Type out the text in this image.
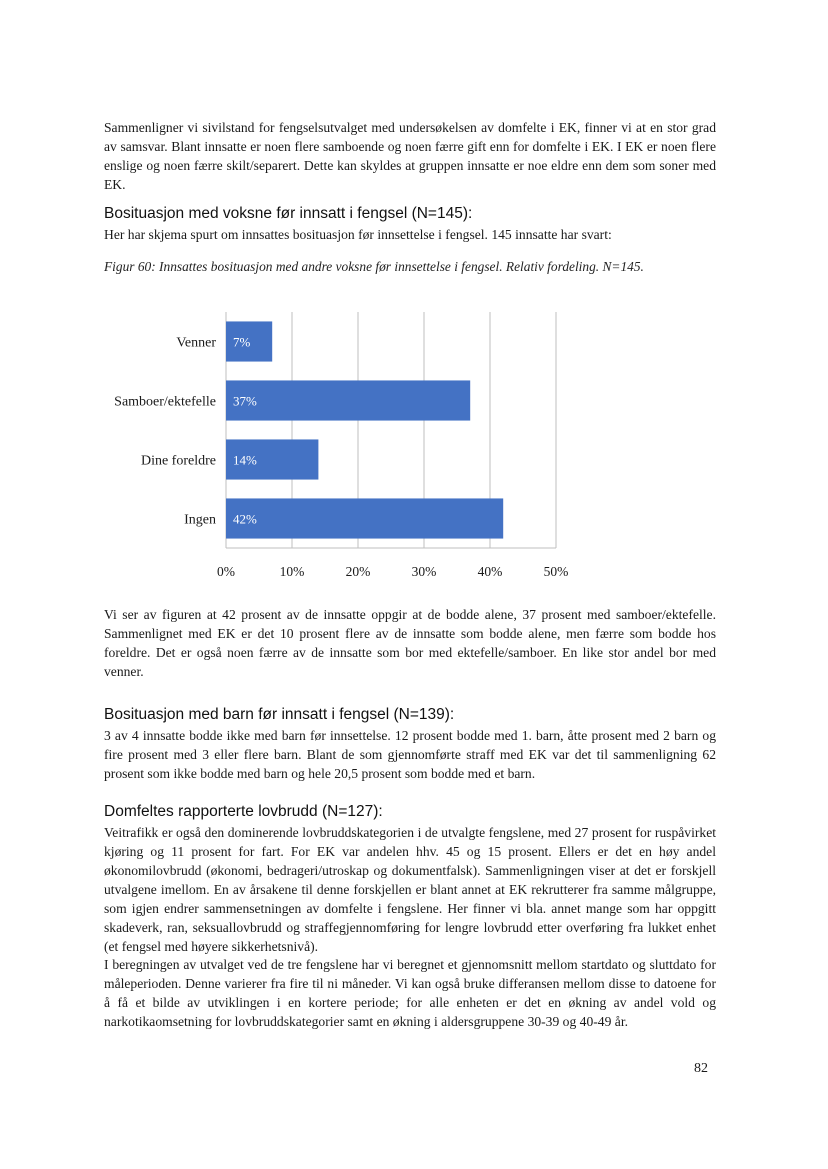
Sammenligner vi sivilstand for fengselsutvalget med undersøkelsen av domfelte i EK, finner vi at en stor grad av samsvar. Blant innsatte er noen flere samboende og noen færre gift enn for domfelte i EK. I EK er noen flere enslige og noen færre skilt/separert. Dette kan skyldes at gruppen innsatte er noe eldre enn dem som soner med EK.

Bosituasjon med voksne før innsatt i fengsel (N=145):

Her har skjema spurt om innsattes bosituasjon før innsettelse i fengsel. 145 innsatte har svart:

Figur 60: Innsattes bosituasjon med andre voksne før innsettelse i fengsel. Relativ fordeling. N=145.

0%	10%	20%	30%	40%	50%
Venner 7%
Samboer/ektefelle 37%
Dine foreldre 14%
Ingen 42%

Vi ser av figuren at 42 prosent av de innsatte oppgir at de bodde alene, 37 prosent med samboer/ektefelle. Sammenlignet med EK er det 10 prosent flere av de innsatte som bodde alene, men færre som bodde hos foreldre. Det er også noen færre av de innsatte som bor med ektefelle/samboer. En like stor andel bor med venner.

Bosituasjon med barn før innsatt i fengsel (N=139):

3 av 4 innsatte bodde ikke med barn før innsettelse. 12 prosent bodde med 1. barn, åtte prosent med 2 barn og fire prosent med 3 eller flere barn. Blant de som gjennomførte straff med EK var det til sammenligning 62 prosent som ikke bodde med barn og hele 20,5 prosent som bodde med et barn.

Domfeltes rapporterte lovbrudd (N=127):

Veitrafikk er også den dominerende lovbruddskategorien i de utvalgte fengslene, med 27 prosent for ruspåvirket kjøring og 11 prosent for fart. For EK var andelen hhv. 45 og 15 prosent. Ellers er det en høy andel økonomilovbrudd (økonomi, bedrageri/utroskap og dokumentfalsk). Sammenligningen viser at det er forskjell utvalgene imellom. En av årsakene til denne forskjellen er blant annet at EK rekrutterer fra samme målgruppe, som igjen endrer sammensetningen av domfelte i fengslene. Her finner vi bla. annet mange som har oppgitt skadeverk, ran, seksuallovbrudd og straffegjennomføring for lengre lovbrudd etter overføring fra lukket enhet (et fengsel med høyere sikkerhetsnivå).

I beregningen av utvalget ved de tre fengslene har vi beregnet et gjennomsnitt mellom startdato og sluttdato for måleperioden. Denne varierer fra fire til ni måneder. Vi kan også bruke differansen mellom disse to datoene for å få et bilde av utviklingen i en kortere periode; for alle enheten er det en økning av andel vold og narkotikaomsetning for lovbruddskategorier samt en økning i aldersgruppene 30-39 og 40-49 år.

82
